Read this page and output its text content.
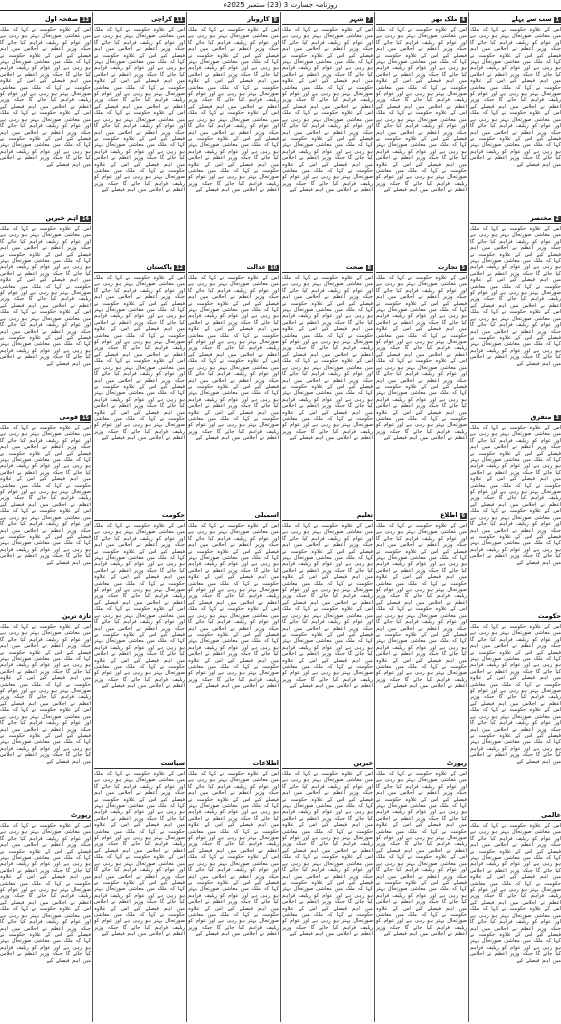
روزنامہ جسارت 3 (23) ستمبر 2025ء
1سب سے پہلے
اس کے علاوہ حکومت نے کہا کہ ملک میں معاشی صورتحال بہتر ہو رہی ہے اور عوام کو ریلیف فراہم کیا جائے گا جبکہ وزیر اعظم نے اجلاس میں اہم فیصلے کیے اس کے علاوہ حکومت نے کہا کہ ملک میں معاشی صورتحال بہتر ہو رہی ہے اور عوام کو ریلیف فراہم کیا جائے گا جبکہ وزیر اعظم نے اجلاس میں اہم فیصلے کیے اس کے علاوہ حکومت نے کہا کہ ملک میں معاشی صورتحال بہتر ہو رہی ہے اور عوام کو ریلیف فراہم کیا جائے گا جبکہ وزیر اعظم نے اجلاس میں اہم فیصلے کیے اس کے علاوہ حکومت نے کہا کہ ملک میں معاشی صورتحال بہتر ہو رہی ہے اور عوام کو ریلیف فراہم کیا جائے گا جبکہ وزیر اعظم نے اجلاس میں اہم فیصلے کیے اس کے علاوہ حکومت نے کہا کہ ملک میں معاشی صورتحال بہتر ہو رہی ہے اور عوام کو ریلیف فراہم کیا جائے گا جبکہ وزیر اعظم نے اجلاس میں اہم فیصلے کیے
2مختصر
اس کے علاوہ حکومت نے کہا کہ ملک میں معاشی صورتحال بہتر ہو رہی ہے اور عوام کو ریلیف فراہم کیا جائے گا جبکہ وزیر اعظم نے اجلاس میں اہم فیصلے کیے اس کے علاوہ حکومت نے کہا کہ ملک میں معاشی صورتحال بہتر ہو رہی ہے اور عوام کو ریلیف فراہم کیا جائے گا جبکہ وزیر اعظم نے اجلاس میں اہم فیصلے کیے اس کے علاوہ حکومت نے کہا کہ ملک میں معاشی صورتحال بہتر ہو رہی ہے اور عوام کو ریلیف فراہم کیا جائے گا جبکہ وزیر اعظم نے اجلاس میں اہم فیصلے کیے اس کے علاوہ حکومت نے کہا کہ ملک میں معاشی صورتحال بہتر ہو رہی ہے اور عوام کو ریلیف فراہم کیا جائے گا جبکہ وزیر اعظم نے اجلاس میں اہم فیصلے کیے اس کے علاوہ حکومت نے کہا کہ ملک میں معاشی صورتحال بہتر ہو رہی ہے اور عوام کو ریلیف فراہم کیا جائے گا جبکہ وزیر اعظم نے اجلاس میں اہم فیصلے کیے
3متفرق
اس کے علاوہ حکومت نے کہا کہ ملک میں معاشی صورتحال بہتر ہو رہی ہے اور عوام کو ریلیف فراہم کیا جائے گا جبکہ وزیر اعظم نے اجلاس میں اہم فیصلے کیے اس کے علاوہ حکومت نے کہا کہ ملک میں معاشی صورتحال بہتر ہو رہی ہے اور عوام کو ریلیف فراہم کیا جائے گا جبکہ وزیر اعظم نے اجلاس میں اہم فیصلے کیے اس کے علاوہ حکومت نے کہا کہ ملک میں معاشی صورتحال بہتر ہو رہی ہے اور عوام کو ریلیف فراہم کیا جائے گا جبکہ وزیر اعظم نے اجلاس میں اہم فیصلے کیے اس کے علاوہ حکومت نے کہا کہ ملک میں معاشی صورتحال بہتر ہو رہی ہے اور عوام کو ریلیف فراہم کیا جائے گا جبکہ وزیر اعظم نے اجلاس میں اہم فیصلے کیے اس کے علاوہ حکومت نے کہا کہ ملک میں معاشی صورتحال بہتر ہو رہی ہے اور عوام کو ریلیف فراہم کیا جائے گا جبکہ وزیر اعظم نے اجلاس میں اہم فیصلے کیے
حکومت
اس کے علاوہ حکومت نے کہا کہ ملک میں معاشی صورتحال بہتر ہو رہی ہے اور عوام کو ریلیف فراہم کیا جائے گا جبکہ وزیر اعظم نے اجلاس میں اہم فیصلے کیے اس کے علاوہ حکومت نے کہا کہ ملک میں معاشی صورتحال بہتر ہو رہی ہے اور عوام کو ریلیف فراہم کیا جائے گا جبکہ وزیر اعظم نے اجلاس میں اہم فیصلے کیے اس کے علاوہ حکومت نے کہا کہ ملک میں معاشی صورتحال بہتر ہو رہی ہے اور عوام کو ریلیف فراہم کیا جائے گا جبکہ وزیر اعظم نے اجلاس میں اہم فیصلے کیے اس کے علاوہ حکومت نے کہا کہ ملک میں معاشی صورتحال بہتر ہو رہی ہے اور عوام کو ریلیف فراہم کیا جائے گا جبکہ وزیر اعظم نے اجلاس میں اہم فیصلے کیے اس کے علاوہ حکومت نے کہا کہ ملک میں معاشی صورتحال بہتر ہو رہی ہے اور عوام کو ریلیف فراہم کیا جائے گا جبکہ وزیر اعظم نے اجلاس میں اہم فیصلے کیے
عالمی
اس کے علاوہ حکومت نے کہا کہ ملک میں معاشی صورتحال بہتر ہو رہی ہے اور عوام کو ریلیف فراہم کیا جائے گا جبکہ وزیر اعظم نے اجلاس میں اہم فیصلے کیے اس کے علاوہ حکومت نے کہا کہ ملک میں معاشی صورتحال بہتر ہو رہی ہے اور عوام کو ریلیف فراہم کیا جائے گا جبکہ وزیر اعظم نے اجلاس میں اہم فیصلے کیے اس کے علاوہ حکومت نے کہا کہ ملک میں معاشی صورتحال بہتر ہو رہی ہے اور عوام کو ریلیف فراہم کیا جائے گا جبکہ وزیر اعظم نے اجلاس میں اہم فیصلے کیے اس کے علاوہ حکومت نے کہا کہ ملک میں معاشی صورتحال بہتر ہو رہی ہے اور عوام کو ریلیف فراہم کیا جائے گا جبکہ وزیر اعظم نے اجلاس میں اہم فیصلے کیے اس کے علاوہ حکومت نے کہا کہ ملک میں معاشی صورتحال بہتر ہو رہی ہے اور عوام کو ریلیف فراہم کیا جائے گا جبکہ وزیر اعظم نے اجلاس میں اہم فیصلے کیے
4ملک بھر
اس کے علاوہ حکومت نے کہا کہ ملک میں معاشی صورتحال بہتر ہو رہی ہے اور عوام کو ریلیف فراہم کیا جائے گا جبکہ وزیر اعظم نے اجلاس میں اہم فیصلے کیے اس کے علاوہ حکومت نے کہا کہ ملک میں معاشی صورتحال بہتر ہو رہی ہے اور عوام کو ریلیف فراہم کیا جائے گا جبکہ وزیر اعظم نے اجلاس میں اہم فیصلے کیے اس کے علاوہ حکومت نے کہا کہ ملک میں معاشی صورتحال بہتر ہو رہی ہے اور عوام کو ریلیف فراہم کیا جائے گا جبکہ وزیر اعظم نے اجلاس میں اہم فیصلے کیے اس کے علاوہ حکومت نے کہا کہ ملک میں معاشی صورتحال بہتر ہو رہی ہے اور عوام کو ریلیف فراہم کیا جائے گا جبکہ وزیر اعظم نے اجلاس میں اہم فیصلے کیے اس کے علاوہ حکومت نے کہا کہ ملک میں معاشی صورتحال بہتر ہو رہی ہے اور عوام کو ریلیف فراہم کیا جائے گا جبکہ وزیر اعظم نے اجلاس میں اہم فیصلے کیے اس کے علاوہ حکومت نے کہا کہ ملک میں معاشی صورتحال بہتر ہو رہی ہے اور عوام کو ریلیف فراہم کیا جائے گا جبکہ وزیر اعظم نے اجلاس میں اہم فیصلے کیے
5تجارت
اس کے علاوہ حکومت نے کہا کہ ملک میں معاشی صورتحال بہتر ہو رہی ہے اور عوام کو ریلیف فراہم کیا جائے گا جبکہ وزیر اعظم نے اجلاس میں اہم فیصلے کیے اس کے علاوہ حکومت نے کہا کہ ملک میں معاشی صورتحال بہتر ہو رہی ہے اور عوام کو ریلیف فراہم کیا جائے گا جبکہ وزیر اعظم نے اجلاس میں اہم فیصلے کیے اس کے علاوہ حکومت نے کہا کہ ملک میں معاشی صورتحال بہتر ہو رہی ہے اور عوام کو ریلیف فراہم کیا جائے گا جبکہ وزیر اعظم نے اجلاس میں اہم فیصلے کیے اس کے علاوہ حکومت نے کہا کہ ملک میں معاشی صورتحال بہتر ہو رہی ہے اور عوام کو ریلیف فراہم کیا جائے گا جبکہ وزیر اعظم نے اجلاس میں اہم فیصلے کیے اس کے علاوہ حکومت نے کہا کہ ملک میں معاشی صورتحال بہتر ہو رہی ہے اور عوام کو ریلیف فراہم کیا جائے گا جبکہ وزیر اعظم نے اجلاس میں اہم فیصلے کیے اس کے علاوہ حکومت نے کہا کہ ملک میں معاشی صورتحال بہتر ہو رہی ہے اور عوام کو ریلیف فراہم کیا جائے گا جبکہ وزیر اعظم نے اجلاس میں اہم فیصلے کیے
6اطلاع
اس کے علاوہ حکومت نے کہا کہ ملک میں معاشی صورتحال بہتر ہو رہی ہے اور عوام کو ریلیف فراہم کیا جائے گا جبکہ وزیر اعظم نے اجلاس میں اہم فیصلے کیے اس کے علاوہ حکومت نے کہا کہ ملک میں معاشی صورتحال بہتر ہو رہی ہے اور عوام کو ریلیف فراہم کیا جائے گا جبکہ وزیر اعظم نے اجلاس میں اہم فیصلے کیے اس کے علاوہ حکومت نے کہا کہ ملک میں معاشی صورتحال بہتر ہو رہی ہے اور عوام کو ریلیف فراہم کیا جائے گا جبکہ وزیر اعظم نے اجلاس میں اہم فیصلے کیے اس کے علاوہ حکومت نے کہا کہ ملک میں معاشی صورتحال بہتر ہو رہی ہے اور عوام کو ریلیف فراہم کیا جائے گا جبکہ وزیر اعظم نے اجلاس میں اہم فیصلے کیے اس کے علاوہ حکومت نے کہا کہ ملک میں معاشی صورتحال بہتر ہو رہی ہے اور عوام کو ریلیف فراہم کیا جائے گا جبکہ وزیر اعظم نے اجلاس میں اہم فیصلے کیے اس کے علاوہ حکومت نے کہا کہ ملک میں معاشی صورتحال بہتر ہو رہی ہے اور عوام کو ریلیف فراہم کیا جائے گا جبکہ وزیر اعظم نے اجلاس میں اہم فیصلے کیے
رپورٹ
اس کے علاوہ حکومت نے کہا کہ ملک میں معاشی صورتحال بہتر ہو رہی ہے اور عوام کو ریلیف فراہم کیا جائے گا جبکہ وزیر اعظم نے اجلاس میں اہم فیصلے کیے اس کے علاوہ حکومت نے کہا کہ ملک میں معاشی صورتحال بہتر ہو رہی ہے اور عوام کو ریلیف فراہم کیا جائے گا جبکہ وزیر اعظم نے اجلاس میں اہم فیصلے کیے اس کے علاوہ حکومت نے کہا کہ ملک میں معاشی صورتحال بہتر ہو رہی ہے اور عوام کو ریلیف فراہم کیا جائے گا جبکہ وزیر اعظم نے اجلاس میں اہم فیصلے کیے اس کے علاوہ حکومت نے کہا کہ ملک میں معاشی صورتحال بہتر ہو رہی ہے اور عوام کو ریلیف فراہم کیا جائے گا جبکہ وزیر اعظم نے اجلاس میں اہم فیصلے کیے اس کے علاوہ حکومت نے کہا کہ ملک میں معاشی صورتحال بہتر ہو رہی ہے اور عوام کو ریلیف فراہم کیا جائے گا جبکہ وزیر اعظم نے اجلاس میں اہم فیصلے کیے اس کے علاوہ حکومت نے کہا کہ ملک میں معاشی صورتحال بہتر ہو رہی ہے اور عوام کو ریلیف فراہم کیا جائے گا جبکہ وزیر اعظم نے اجلاس میں اہم فیصلے کیے
7شہر
اس کے علاوہ حکومت نے کہا کہ ملک میں معاشی صورتحال بہتر ہو رہی ہے اور عوام کو ریلیف فراہم کیا جائے گا جبکہ وزیر اعظم نے اجلاس میں اہم فیصلے کیے اس کے علاوہ حکومت نے کہا کہ ملک میں معاشی صورتحال بہتر ہو رہی ہے اور عوام کو ریلیف فراہم کیا جائے گا جبکہ وزیر اعظم نے اجلاس میں اہم فیصلے کیے اس کے علاوہ حکومت نے کہا کہ ملک میں معاشی صورتحال بہتر ہو رہی ہے اور عوام کو ریلیف فراہم کیا جائے گا جبکہ وزیر اعظم نے اجلاس میں اہم فیصلے کیے اس کے علاوہ حکومت نے کہا کہ ملک میں معاشی صورتحال بہتر ہو رہی ہے اور عوام کو ریلیف فراہم کیا جائے گا جبکہ وزیر اعظم نے اجلاس میں اہم فیصلے کیے اس کے علاوہ حکومت نے کہا کہ ملک میں معاشی صورتحال بہتر ہو رہی ہے اور عوام کو ریلیف فراہم کیا جائے گا جبکہ وزیر اعظم نے اجلاس میں اہم فیصلے کیے اس کے علاوہ حکومت نے کہا کہ ملک میں معاشی صورتحال بہتر ہو رہی ہے اور عوام کو ریلیف فراہم کیا جائے گا جبکہ وزیر اعظم نے اجلاس میں اہم فیصلے کیے
8صحت
اس کے علاوہ حکومت نے کہا کہ ملک میں معاشی صورتحال بہتر ہو رہی ہے اور عوام کو ریلیف فراہم کیا جائے گا جبکہ وزیر اعظم نے اجلاس میں اہم فیصلے کیے اس کے علاوہ حکومت نے کہا کہ ملک میں معاشی صورتحال بہتر ہو رہی ہے اور عوام کو ریلیف فراہم کیا جائے گا جبکہ وزیر اعظم نے اجلاس میں اہم فیصلے کیے اس کے علاوہ حکومت نے کہا کہ ملک میں معاشی صورتحال بہتر ہو رہی ہے اور عوام کو ریلیف فراہم کیا جائے گا جبکہ وزیر اعظم نے اجلاس میں اہم فیصلے کیے اس کے علاوہ حکومت نے کہا کہ ملک میں معاشی صورتحال بہتر ہو رہی ہے اور عوام کو ریلیف فراہم کیا جائے گا جبکہ وزیر اعظم نے اجلاس میں اہم فیصلے کیے اس کے علاوہ حکومت نے کہا کہ ملک میں معاشی صورتحال بہتر ہو رہی ہے اور عوام کو ریلیف فراہم کیا جائے گا جبکہ وزیر اعظم نے اجلاس میں اہم فیصلے کیے اس کے علاوہ حکومت نے کہا کہ ملک میں معاشی صورتحال بہتر ہو رہی ہے اور عوام کو ریلیف فراہم کیا جائے گا جبکہ وزیر اعظم نے اجلاس میں اہم فیصلے کیے
تعلیم
اس کے علاوہ حکومت نے کہا کہ ملک میں معاشی صورتحال بہتر ہو رہی ہے اور عوام کو ریلیف فراہم کیا جائے گا جبکہ وزیر اعظم نے اجلاس میں اہم فیصلے کیے اس کے علاوہ حکومت نے کہا کہ ملک میں معاشی صورتحال بہتر ہو رہی ہے اور عوام کو ریلیف فراہم کیا جائے گا جبکہ وزیر اعظم نے اجلاس میں اہم فیصلے کیے اس کے علاوہ حکومت نے کہا کہ ملک میں معاشی صورتحال بہتر ہو رہی ہے اور عوام کو ریلیف فراہم کیا جائے گا جبکہ وزیر اعظم نے اجلاس میں اہم فیصلے کیے اس کے علاوہ حکومت نے کہا کہ ملک میں معاشی صورتحال بہتر ہو رہی ہے اور عوام کو ریلیف فراہم کیا جائے گا جبکہ وزیر اعظم نے اجلاس میں اہم فیصلے کیے اس کے علاوہ حکومت نے کہا کہ ملک میں معاشی صورتحال بہتر ہو رہی ہے اور عوام کو ریلیف فراہم کیا جائے گا جبکہ وزیر اعظم نے اجلاس میں اہم فیصلے کیے اس کے علاوہ حکومت نے کہا کہ ملک میں معاشی صورتحال بہتر ہو رہی ہے اور عوام کو ریلیف فراہم کیا جائے گا جبکہ وزیر اعظم نے اجلاس میں اہم فیصلے کیے
خبریں
اس کے علاوہ حکومت نے کہا کہ ملک میں معاشی صورتحال بہتر ہو رہی ہے اور عوام کو ریلیف فراہم کیا جائے گا جبکہ وزیر اعظم نے اجلاس میں اہم فیصلے کیے اس کے علاوہ حکومت نے کہا کہ ملک میں معاشی صورتحال بہتر ہو رہی ہے اور عوام کو ریلیف فراہم کیا جائے گا جبکہ وزیر اعظم نے اجلاس میں اہم فیصلے کیے اس کے علاوہ حکومت نے کہا کہ ملک میں معاشی صورتحال بہتر ہو رہی ہے اور عوام کو ریلیف فراہم کیا جائے گا جبکہ وزیر اعظم نے اجلاس میں اہم فیصلے کیے اس کے علاوہ حکومت نے کہا کہ ملک میں معاشی صورتحال بہتر ہو رہی ہے اور عوام کو ریلیف فراہم کیا جائے گا جبکہ وزیر اعظم نے اجلاس میں اہم فیصلے کیے اس کے علاوہ حکومت نے کہا کہ ملک میں معاشی صورتحال بہتر ہو رہی ہے اور عوام کو ریلیف فراہم کیا جائے گا جبکہ وزیر اعظم نے اجلاس میں اہم فیصلے کیے اس کے علاوہ حکومت نے کہا کہ ملک میں معاشی صورتحال بہتر ہو رہی ہے اور عوام کو ریلیف فراہم کیا جائے گا جبکہ وزیر اعظم نے اجلاس میں اہم فیصلے کیے
9کاروبار
اس کے علاوہ حکومت نے کہا کہ ملک میں معاشی صورتحال بہتر ہو رہی ہے اور عوام کو ریلیف فراہم کیا جائے گا جبکہ وزیر اعظم نے اجلاس میں اہم فیصلے کیے اس کے علاوہ حکومت نے کہا کہ ملک میں معاشی صورتحال بہتر ہو رہی ہے اور عوام کو ریلیف فراہم کیا جائے گا جبکہ وزیر اعظم نے اجلاس میں اہم فیصلے کیے اس کے علاوہ حکومت نے کہا کہ ملک میں معاشی صورتحال بہتر ہو رہی ہے اور عوام کو ریلیف فراہم کیا جائے گا جبکہ وزیر اعظم نے اجلاس میں اہم فیصلے کیے اس کے علاوہ حکومت نے کہا کہ ملک میں معاشی صورتحال بہتر ہو رہی ہے اور عوام کو ریلیف فراہم کیا جائے گا جبکہ وزیر اعظم نے اجلاس میں اہم فیصلے کیے اس کے علاوہ حکومت نے کہا کہ ملک میں معاشی صورتحال بہتر ہو رہی ہے اور عوام کو ریلیف فراہم کیا جائے گا جبکہ وزیر اعظم نے اجلاس میں اہم فیصلے کیے اس کے علاوہ حکومت نے کہا کہ ملک میں معاشی صورتحال بہتر ہو رہی ہے اور عوام کو ریلیف فراہم کیا جائے گا جبکہ وزیر اعظم نے اجلاس میں اہم فیصلے کیے
10عدالت
اس کے علاوہ حکومت نے کہا کہ ملک میں معاشی صورتحال بہتر ہو رہی ہے اور عوام کو ریلیف فراہم کیا جائے گا جبکہ وزیر اعظم نے اجلاس میں اہم فیصلے کیے اس کے علاوہ حکومت نے کہا کہ ملک میں معاشی صورتحال بہتر ہو رہی ہے اور عوام کو ریلیف فراہم کیا جائے گا جبکہ وزیر اعظم نے اجلاس میں اہم فیصلے کیے اس کے علاوہ حکومت نے کہا کہ ملک میں معاشی صورتحال بہتر ہو رہی ہے اور عوام کو ریلیف فراہم کیا جائے گا جبکہ وزیر اعظم نے اجلاس میں اہم فیصلے کیے اس کے علاوہ حکومت نے کہا کہ ملک میں معاشی صورتحال بہتر ہو رہی ہے اور عوام کو ریلیف فراہم کیا جائے گا جبکہ وزیر اعظم نے اجلاس میں اہم فیصلے کیے اس کے علاوہ حکومت نے کہا کہ ملک میں معاشی صورتحال بہتر ہو رہی ہے اور عوام کو ریلیف فراہم کیا جائے گا جبکہ وزیر اعظم نے اجلاس میں اہم فیصلے کیے اس کے علاوہ حکومت نے کہا کہ ملک میں معاشی صورتحال بہتر ہو رہی ہے اور عوام کو ریلیف فراہم کیا جائے گا جبکہ وزیر اعظم نے اجلاس میں اہم فیصلے کیے
اسمبلی
اس کے علاوہ حکومت نے کہا کہ ملک میں معاشی صورتحال بہتر ہو رہی ہے اور عوام کو ریلیف فراہم کیا جائے گا جبکہ وزیر اعظم نے اجلاس میں اہم فیصلے کیے اس کے علاوہ حکومت نے کہا کہ ملک میں معاشی صورتحال بہتر ہو رہی ہے اور عوام کو ریلیف فراہم کیا جائے گا جبکہ وزیر اعظم نے اجلاس میں اہم فیصلے کیے اس کے علاوہ حکومت نے کہا کہ ملک میں معاشی صورتحال بہتر ہو رہی ہے اور عوام کو ریلیف فراہم کیا جائے گا جبکہ وزیر اعظم نے اجلاس میں اہم فیصلے کیے اس کے علاوہ حکومت نے کہا کہ ملک میں معاشی صورتحال بہتر ہو رہی ہے اور عوام کو ریلیف فراہم کیا جائے گا جبکہ وزیر اعظم نے اجلاس میں اہم فیصلے کیے اس کے علاوہ حکومت نے کہا کہ ملک میں معاشی صورتحال بہتر ہو رہی ہے اور عوام کو ریلیف فراہم کیا جائے گا جبکہ وزیر اعظم نے اجلاس میں اہم فیصلے کیے اس کے علاوہ حکومت نے کہا کہ ملک میں معاشی صورتحال بہتر ہو رہی ہے اور عوام کو ریلیف فراہم کیا جائے گا جبکہ وزیر اعظم نے اجلاس میں اہم فیصلے کیے
اطلاعات
اس کے علاوہ حکومت نے کہا کہ ملک میں معاشی صورتحال بہتر ہو رہی ہے اور عوام کو ریلیف فراہم کیا جائے گا جبکہ وزیر اعظم نے اجلاس میں اہم فیصلے کیے اس کے علاوہ حکومت نے کہا کہ ملک میں معاشی صورتحال بہتر ہو رہی ہے اور عوام کو ریلیف فراہم کیا جائے گا جبکہ وزیر اعظم نے اجلاس میں اہم فیصلے کیے اس کے علاوہ حکومت نے کہا کہ ملک میں معاشی صورتحال بہتر ہو رہی ہے اور عوام کو ریلیف فراہم کیا جائے گا جبکہ وزیر اعظم نے اجلاس میں اہم فیصلے کیے اس کے علاوہ حکومت نے کہا کہ ملک میں معاشی صورتحال بہتر ہو رہی ہے اور عوام کو ریلیف فراہم کیا جائے گا جبکہ وزیر اعظم نے اجلاس میں اہم فیصلے کیے اس کے علاوہ حکومت نے کہا کہ ملک میں معاشی صورتحال بہتر ہو رہی ہے اور عوام کو ریلیف فراہم کیا جائے گا جبکہ وزیر اعظم نے اجلاس میں اہم فیصلے کیے اس کے علاوہ حکومت نے کہا کہ ملک میں معاشی صورتحال بہتر ہو رہی ہے اور عوام کو ریلیف فراہم کیا جائے گا جبکہ وزیر اعظم نے اجلاس میں اہم فیصلے کیے
11کراچی
اس کے علاوہ حکومت نے کہا کہ ملک میں معاشی صورتحال بہتر ہو رہی ہے اور عوام کو ریلیف فراہم کیا جائے گا جبکہ وزیر اعظم نے اجلاس میں اہم فیصلے کیے اس کے علاوہ حکومت نے کہا کہ ملک میں معاشی صورتحال بہتر ہو رہی ہے اور عوام کو ریلیف فراہم کیا جائے گا جبکہ وزیر اعظم نے اجلاس میں اہم فیصلے کیے اس کے علاوہ حکومت نے کہا کہ ملک میں معاشی صورتحال بہتر ہو رہی ہے اور عوام کو ریلیف فراہم کیا جائے گا جبکہ وزیر اعظم نے اجلاس میں اہم فیصلے کیے اس کے علاوہ حکومت نے کہا کہ ملک میں معاشی صورتحال بہتر ہو رہی ہے اور عوام کو ریلیف فراہم کیا جائے گا جبکہ وزیر اعظم نے اجلاس میں اہم فیصلے کیے اس کے علاوہ حکومت نے کہا کہ ملک میں معاشی صورتحال بہتر ہو رہی ہے اور عوام کو ریلیف فراہم کیا جائے گا جبکہ وزیر اعظم نے اجلاس میں اہم فیصلے کیے اس کے علاوہ حکومت نے کہا کہ ملک میں معاشی صورتحال بہتر ہو رہی ہے اور عوام کو ریلیف فراہم کیا جائے گا جبکہ وزیر اعظم نے اجلاس میں اہم فیصلے کیے
12پاکستان
اس کے علاوہ حکومت نے کہا کہ ملک میں معاشی صورتحال بہتر ہو رہی ہے اور عوام کو ریلیف فراہم کیا جائے گا جبکہ وزیر اعظم نے اجلاس میں اہم فیصلے کیے اس کے علاوہ حکومت نے کہا کہ ملک میں معاشی صورتحال بہتر ہو رہی ہے اور عوام کو ریلیف فراہم کیا جائے گا جبکہ وزیر اعظم نے اجلاس میں اہم فیصلے کیے اس کے علاوہ حکومت نے کہا کہ ملک میں معاشی صورتحال بہتر ہو رہی ہے اور عوام کو ریلیف فراہم کیا جائے گا جبکہ وزیر اعظم نے اجلاس میں اہم فیصلے کیے اس کے علاوہ حکومت نے کہا کہ ملک میں معاشی صورتحال بہتر ہو رہی ہے اور عوام کو ریلیف فراہم کیا جائے گا جبکہ وزیر اعظم نے اجلاس میں اہم فیصلے کیے اس کے علاوہ حکومت نے کہا کہ ملک میں معاشی صورتحال بہتر ہو رہی ہے اور عوام کو ریلیف فراہم کیا جائے گا جبکہ وزیر اعظم نے اجلاس میں اہم فیصلے کیے اس کے علاوہ حکومت نے کہا کہ ملک میں معاشی صورتحال بہتر ہو رہی ہے اور عوام کو ریلیف فراہم کیا جائے گا جبکہ وزیر اعظم نے اجلاس میں اہم فیصلے کیے
حکومت
اس کے علاوہ حکومت نے کہا کہ ملک میں معاشی صورتحال بہتر ہو رہی ہے اور عوام کو ریلیف فراہم کیا جائے گا جبکہ وزیر اعظم نے اجلاس میں اہم فیصلے کیے اس کے علاوہ حکومت نے کہا کہ ملک میں معاشی صورتحال بہتر ہو رہی ہے اور عوام کو ریلیف فراہم کیا جائے گا جبکہ وزیر اعظم نے اجلاس میں اہم فیصلے کیے اس کے علاوہ حکومت نے کہا کہ ملک میں معاشی صورتحال بہتر ہو رہی ہے اور عوام کو ریلیف فراہم کیا جائے گا جبکہ وزیر اعظم نے اجلاس میں اہم فیصلے کیے اس کے علاوہ حکومت نے کہا کہ ملک میں معاشی صورتحال بہتر ہو رہی ہے اور عوام کو ریلیف فراہم کیا جائے گا جبکہ وزیر اعظم نے اجلاس میں اہم فیصلے کیے اس کے علاوہ حکومت نے کہا کہ ملک میں معاشی صورتحال بہتر ہو رہی ہے اور عوام کو ریلیف فراہم کیا جائے گا جبکہ وزیر اعظم نے اجلاس میں اہم فیصلے کیے اس کے علاوہ حکومت نے کہا کہ ملک میں معاشی صورتحال بہتر ہو رہی ہے اور عوام کو ریلیف فراہم کیا جائے گا جبکہ وزیر اعظم نے اجلاس میں اہم فیصلے کیے
سیاست
اس کے علاوہ حکومت نے کہا کہ ملک میں معاشی صورتحال بہتر ہو رہی ہے اور عوام کو ریلیف فراہم کیا جائے گا جبکہ وزیر اعظم نے اجلاس میں اہم فیصلے کیے اس کے علاوہ حکومت نے کہا کہ ملک میں معاشی صورتحال بہتر ہو رہی ہے اور عوام کو ریلیف فراہم کیا جائے گا جبکہ وزیر اعظم نے اجلاس میں اہم فیصلے کیے اس کے علاوہ حکومت نے کہا کہ ملک میں معاشی صورتحال بہتر ہو رہی ہے اور عوام کو ریلیف فراہم کیا جائے گا جبکہ وزیر اعظم نے اجلاس میں اہم فیصلے کیے اس کے علاوہ حکومت نے کہا کہ ملک میں معاشی صورتحال بہتر ہو رہی ہے اور عوام کو ریلیف فراہم کیا جائے گا جبکہ وزیر اعظم نے اجلاس میں اہم فیصلے کیے اس کے علاوہ حکومت نے کہا کہ ملک میں معاشی صورتحال بہتر ہو رہی ہے اور عوام کو ریلیف فراہم کیا جائے گا جبکہ وزیر اعظم نے اجلاس میں اہم فیصلے کیے اس کے علاوہ حکومت نے کہا کہ ملک میں معاشی صورتحال بہتر ہو رہی ہے اور عوام کو ریلیف فراہم کیا جائے گا جبکہ وزیر اعظم نے اجلاس میں اہم فیصلے کیے
13صفحہ اول
اس کے علاوہ حکومت نے کہا کہ ملک میں معاشی صورتحال بہتر ہو رہی ہے اور عوام کو ریلیف فراہم کیا جائے گا جبکہ وزیر اعظم نے اجلاس میں اہم فیصلے کیے اس کے علاوہ حکومت نے کہا کہ ملک میں معاشی صورتحال بہتر ہو رہی ہے اور عوام کو ریلیف فراہم کیا جائے گا جبکہ وزیر اعظم نے اجلاس میں اہم فیصلے کیے اس کے علاوہ حکومت نے کہا کہ ملک میں معاشی صورتحال بہتر ہو رہی ہے اور عوام کو ریلیف فراہم کیا جائے گا جبکہ وزیر اعظم نے اجلاس میں اہم فیصلے کیے اس کے علاوہ حکومت نے کہا کہ ملک میں معاشی صورتحال بہتر ہو رہی ہے اور عوام کو ریلیف فراہم کیا جائے گا جبکہ وزیر اعظم نے اجلاس میں اہم فیصلے کیے اس کے علاوہ حکومت نے کہا کہ ملک میں معاشی صورتحال بہتر ہو رہی ہے اور عوام کو ریلیف فراہم کیا جائے گا جبکہ وزیر اعظم نے اجلاس میں اہم فیصلے کیے
14اہم خبریں
اس کے علاوہ حکومت نے کہا کہ ملک میں معاشی صورتحال بہتر ہو رہی ہے اور عوام کو ریلیف فراہم کیا جائے گا جبکہ وزیر اعظم نے اجلاس میں اہم فیصلے کیے اس کے علاوہ حکومت نے کہا کہ ملک میں معاشی صورتحال بہتر ہو رہی ہے اور عوام کو ریلیف فراہم کیا جائے گا جبکہ وزیر اعظم نے اجلاس میں اہم فیصلے کیے اس کے علاوہ حکومت نے کہا کہ ملک میں معاشی صورتحال بہتر ہو رہی ہے اور عوام کو ریلیف فراہم کیا جائے گا جبکہ وزیر اعظم نے اجلاس میں اہم فیصلے کیے اس کے علاوہ حکومت نے کہا کہ ملک میں معاشی صورتحال بہتر ہو رہی ہے اور عوام کو ریلیف فراہم کیا جائے گا جبکہ وزیر اعظم نے اجلاس میں اہم فیصلے کیے اس کے علاوہ حکومت نے کہا کہ ملک میں معاشی صورتحال بہتر ہو رہی ہے اور عوام کو ریلیف فراہم کیا جائے گا جبکہ وزیر اعظم نے اجلاس میں اہم فیصلے کیے
15قومی
اس کے علاوہ حکومت نے کہا کہ ملک میں معاشی صورتحال بہتر ہو رہی ہے اور عوام کو ریلیف فراہم کیا جائے گا جبکہ وزیر اعظم نے اجلاس میں اہم فیصلے کیے اس کے علاوہ حکومت نے کہا کہ ملک میں معاشی صورتحال بہتر ہو رہی ہے اور عوام کو ریلیف فراہم کیا جائے گا جبکہ وزیر اعظم نے اجلاس میں اہم فیصلے کیے اس کے علاوہ حکومت نے کہا کہ ملک میں معاشی صورتحال بہتر ہو رہی ہے اور عوام کو ریلیف فراہم کیا جائے گا جبکہ وزیر اعظم نے اجلاس میں اہم فیصلے کیے اس کے علاوہ حکومت نے کہا کہ ملک میں معاشی صورتحال بہتر ہو رہی ہے اور عوام کو ریلیف فراہم کیا جائے گا جبکہ وزیر اعظم نے اجلاس میں اہم فیصلے کیے اس کے علاوہ حکومت نے کہا کہ ملک میں معاشی صورتحال بہتر ہو رہی ہے اور عوام کو ریلیف فراہم کیا جائے گا جبکہ وزیر اعظم نے اجلاس میں اہم فیصلے کیے
تازہ ترین
اس کے علاوہ حکومت نے کہا کہ ملک میں معاشی صورتحال بہتر ہو رہی ہے اور عوام کو ریلیف فراہم کیا جائے گا جبکہ وزیر اعظم نے اجلاس میں اہم فیصلے کیے اس کے علاوہ حکومت نے کہا کہ ملک میں معاشی صورتحال بہتر ہو رہی ہے اور عوام کو ریلیف فراہم کیا جائے گا جبکہ وزیر اعظم نے اجلاس میں اہم فیصلے کیے اس کے علاوہ حکومت نے کہا کہ ملک میں معاشی صورتحال بہتر ہو رہی ہے اور عوام کو ریلیف فراہم کیا جائے گا جبکہ وزیر اعظم نے اجلاس میں اہم فیصلے کیے اس کے علاوہ حکومت نے کہا کہ ملک میں معاشی صورتحال بہتر ہو رہی ہے اور عوام کو ریلیف فراہم کیا جائے گا جبکہ وزیر اعظم نے اجلاس میں اہم فیصلے کیے اس کے علاوہ حکومت نے کہا کہ ملک میں معاشی صورتحال بہتر ہو رہی ہے اور عوام کو ریلیف فراہم کیا جائے گا جبکہ وزیر اعظم نے اجلاس میں اہم فیصلے کیے
رپورٹ
اس کے علاوہ حکومت نے کہا کہ ملک میں معاشی صورتحال بہتر ہو رہی ہے اور عوام کو ریلیف فراہم کیا جائے گا جبکہ وزیر اعظم نے اجلاس میں اہم فیصلے کیے اس کے علاوہ حکومت نے کہا کہ ملک میں معاشی صورتحال بہتر ہو رہی ہے اور عوام کو ریلیف فراہم کیا جائے گا جبکہ وزیر اعظم نے اجلاس میں اہم فیصلے کیے اس کے علاوہ حکومت نے کہا کہ ملک میں معاشی صورتحال بہتر ہو رہی ہے اور عوام کو ریلیف فراہم کیا جائے گا جبکہ وزیر اعظم نے اجلاس میں اہم فیصلے کیے اس کے علاوہ حکومت نے کہا کہ ملک میں معاشی صورتحال بہتر ہو رہی ہے اور عوام کو ریلیف فراہم کیا جائے گا جبکہ وزیر اعظم نے اجلاس میں اہم فیصلے کیے اس کے علاوہ حکومت نے کہا کہ ملک میں معاشی صورتحال بہتر ہو رہی ہے اور عوام کو ریلیف فراہم کیا جائے گا جبکہ وزیر اعظم نے اجلاس میں اہم فیصلے کیے
